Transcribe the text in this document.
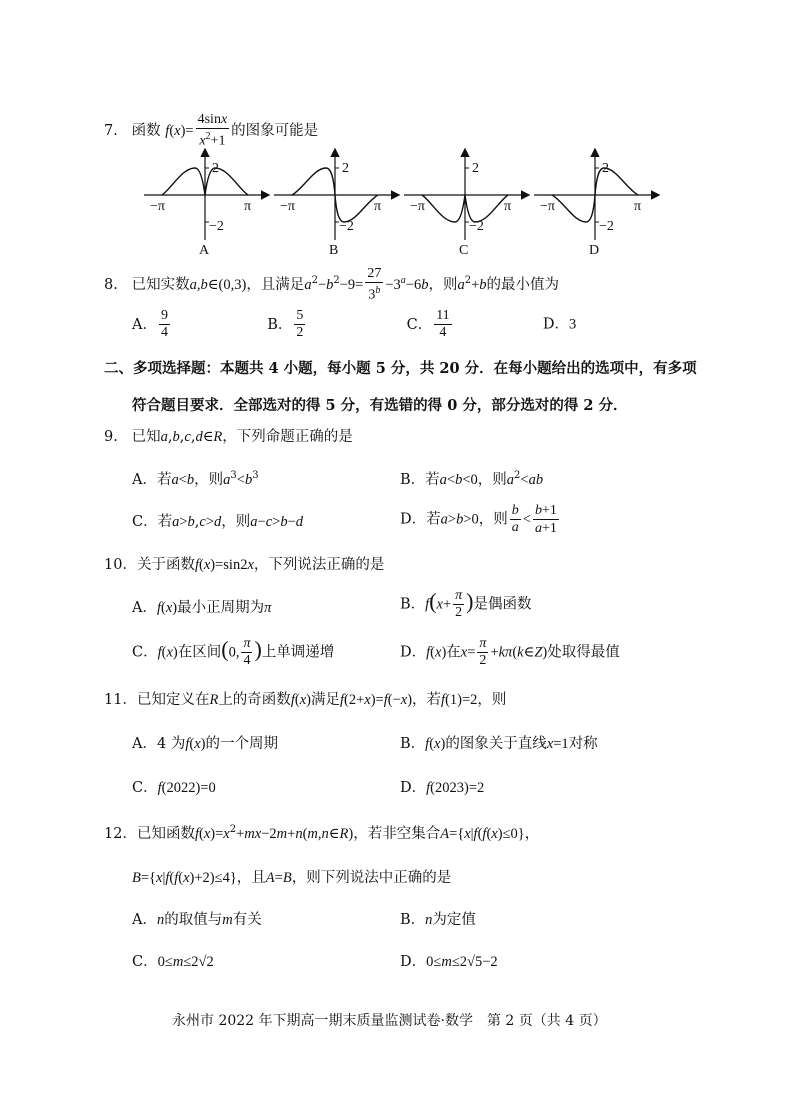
7. 函数 $f(x)= \frac{4\sin x}{x^2+1}$ 的图象可能是
2
−2
−π	π
A
2
−2
−π	π
B
2
−2
−π	π
C
2
−2
−π	π
D
8. 已知实数a,b∈(0,3)，且满足$a^2-b^2-9= \frac{27}{3^b} -3^a-6b$，则$a^2+b$的最小值为
A． $\frac{9}{4}$	B． $\frac{5}{2}$	C． $\frac{11}{4}$	D．3
二、多项选择题：本题共 4 小题，每小题 5 分，共 20 分．在每小题给出的选项中，有多项
符合题目要求．全部选对的得 5 分，有选错的得 0 分，部分选对的得 2 分．
9. 已知a,b,c,d∈R，下列命题正确的是
A．若a<b，则$a^3<b^3$	B．若a<b<0，则$a^2<ab$
C．若a>b,c>d，则a−c>b−d	D．若a>b>0，则 $\frac{b}{a} < \frac{b+1}{a+1}$
10．关于函数f(x)=sin2x，下列说法正确的是
A．f(x)最小正周期为π	B．$f(x+ \frac{\pi}{2}$ )是偶函数
C．f(x)在区间(0, $\frac{\pi}{4}$ )上单调递增	D．f(x)在$x= \frac{\pi}{2}$ +kπ(k∈Z)处取得最值
11．已知定义在R上的奇函数f(x)满足f(2+x)=f(−x)，若f(1)=2，则
A．4 为f(x)的一个周期	B．f(x)的图象关于直线x=1对称
C．f(2022)=0	D．f(2023)=2
12．已知函数$f(x)=x^2+mx-2m+n(m,n\in R)$，若非空集合A={x|f(f(x)≤0}，
B={x|f(f(x)+2)≤4}，且A=B，则下列说法中正确的是
A．n的取值与m有关	B．n为定值
C．0≤m≤2√2	D．0≤m≤2√5−2
永州市 2022 年下期高一期末质量监测试卷·数学　第 2 页（共 4 页）
